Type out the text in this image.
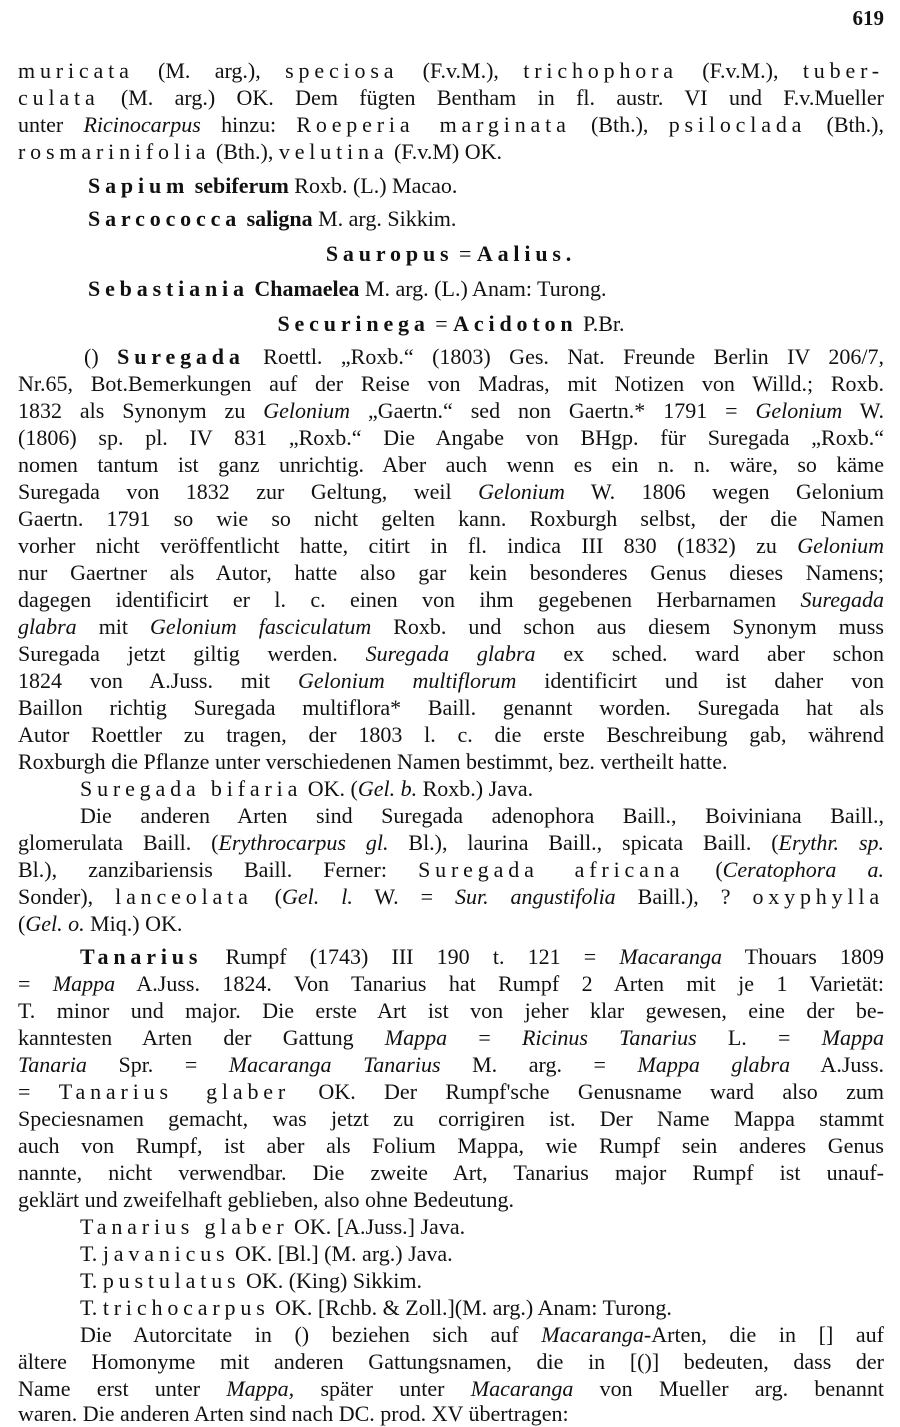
619
muricata (M. arg.), speciosa (F.v.M.), trichophora (F.v.M.), tuber-
culata (M. arg.) OK. Dem fügten Bentham in fl. austr. VI und F.v.Mueller
unter Ricinocarpus hinzu: Roeperia marginata (Bth.), psiloclada (Bth.),
rosmarinifolia (Bth.), velutina (F.v.M) OK.
Sapium sebiferum Roxb. (L.) Macao.
Sarcococca saligna M. arg. Sikkim.
Sauropus = Aalius.
Sebastiania Chamaelea M. arg. (L.) Anam: Turong.
Securinega = Acidoton P.Br.
() Suregada Roettl. „Roxb.“ (1803) Ges. Nat. Freunde Berlin IV 206/7,
Nr.65, Bot.Bemerkungen auf der Reise von Madras, mit Notizen von Willd.; Roxb.
1832 als Synonym zu Gelonium „Gaertn.“ sed non Gaertn.* 1791 = Gelonium W.
(1806) sp. pl. IV 831 „Roxb.“ Die Angabe von BHgp. für Suregada „Roxb.“
nomen tantum ist ganz unrichtig. Aber auch wenn es ein n. n. wäre, so käme
Suregada von 1832 zur Geltung, weil Gelonium W. 1806 wegen Gelonium
Gaertn. 1791 so wie so nicht gelten kann. Roxburgh selbst, der die Namen
vorher nicht veröffentlicht hatte, citirt in fl. indica III 830 (1832) zu Gelonium
nur Gaertner als Autor, hatte also gar kein besonderes Genus dieses Namens;
dagegen identificirt er l. c. einen von ihm gegebenen Herbarnamen Suregada
glabra mit Gelonium fasciculatum Roxb. und schon aus diesem Synonym muss
Suregada jetzt giltig werden. Suregada glabra ex sched. ward aber schon
1824 von A.Juss. mit Gelonium multiflorum identificirt und ist daher von
Baillon richtig Suregada multiflora* Baill. genannt worden. Suregada hat als
Autor Roettler zu tragen, der 1803 l. c. die erste Beschreibung gab, während
Roxburgh die Pflanze unter verschiedenen Namen bestimmt, bez. vertheilt hatte.
Suregada bifaria OK. (Gel. b. Roxb.) Java.
Die anderen Arten sind Suregada adenophora Baill., Boiviniana Baill.,
glomerulata Baill. (Erythrocarpus gl. Bl.), laurina Baill., spicata Baill. (Erythr. sp.
Bl.), zanzibariensis Baill. Ferner: Suregada africana (Ceratophora a.
Sonder), lanceolata (Gel. l. W. = Sur. angustifolia Baill.), ? oxyphylla
(Gel. o. Miq.) OK.
Tanarius Rumpf (1743) III 190 t. 121 = Macaranga Thouars 1809
= Mappa A.Juss. 1824. Von Tanarius hat Rumpf 2 Arten mit je 1 Varietät:
T. minor und major. Die erste Art ist von jeher klar gewesen, eine der be-
kanntesten Arten der Gattung Mappa = Ricinus Tanarius L. = Mappa
Tanaria Spr. = Macaranga Tanarius M. arg. = Mappa glabra A.Juss.
= Tanarius glaber OK. Der Rumpf'sche Genusname ward also zum
Speciesnamen gemacht, was jetzt zu corrigiren ist. Der Name Mappa stammt
auch von Rumpf, ist aber als Folium Mappa, wie Rumpf sein anderes Genus
nannte, nicht verwendbar. Die zweite Art, Tanarius major Rumpf ist unauf-
geklärt und zweifelhaft geblieben, also ohne Bedeutung.
Tanarius glaber OK. [A.Juss.] Java.
T. javanicus OK. [Bl.] (M. arg.) Java.
T. pustulatus OK. (King) Sikkim.
T. trichocarpus OK. [Rchb. & Zoll.](M. arg.) Anam: Turong.
Die Autorcitate in () beziehen sich auf Macaranga-Arten, die in [] auf
ältere Homonyme mit anderen Gattungsnamen, die in [()] bedeuten, dass der
Name erst unter Mappa, später unter Macaranga von Mueller arg. benannt
waren. Die anderen Arten sind nach DC. prod. XV übertragen:
